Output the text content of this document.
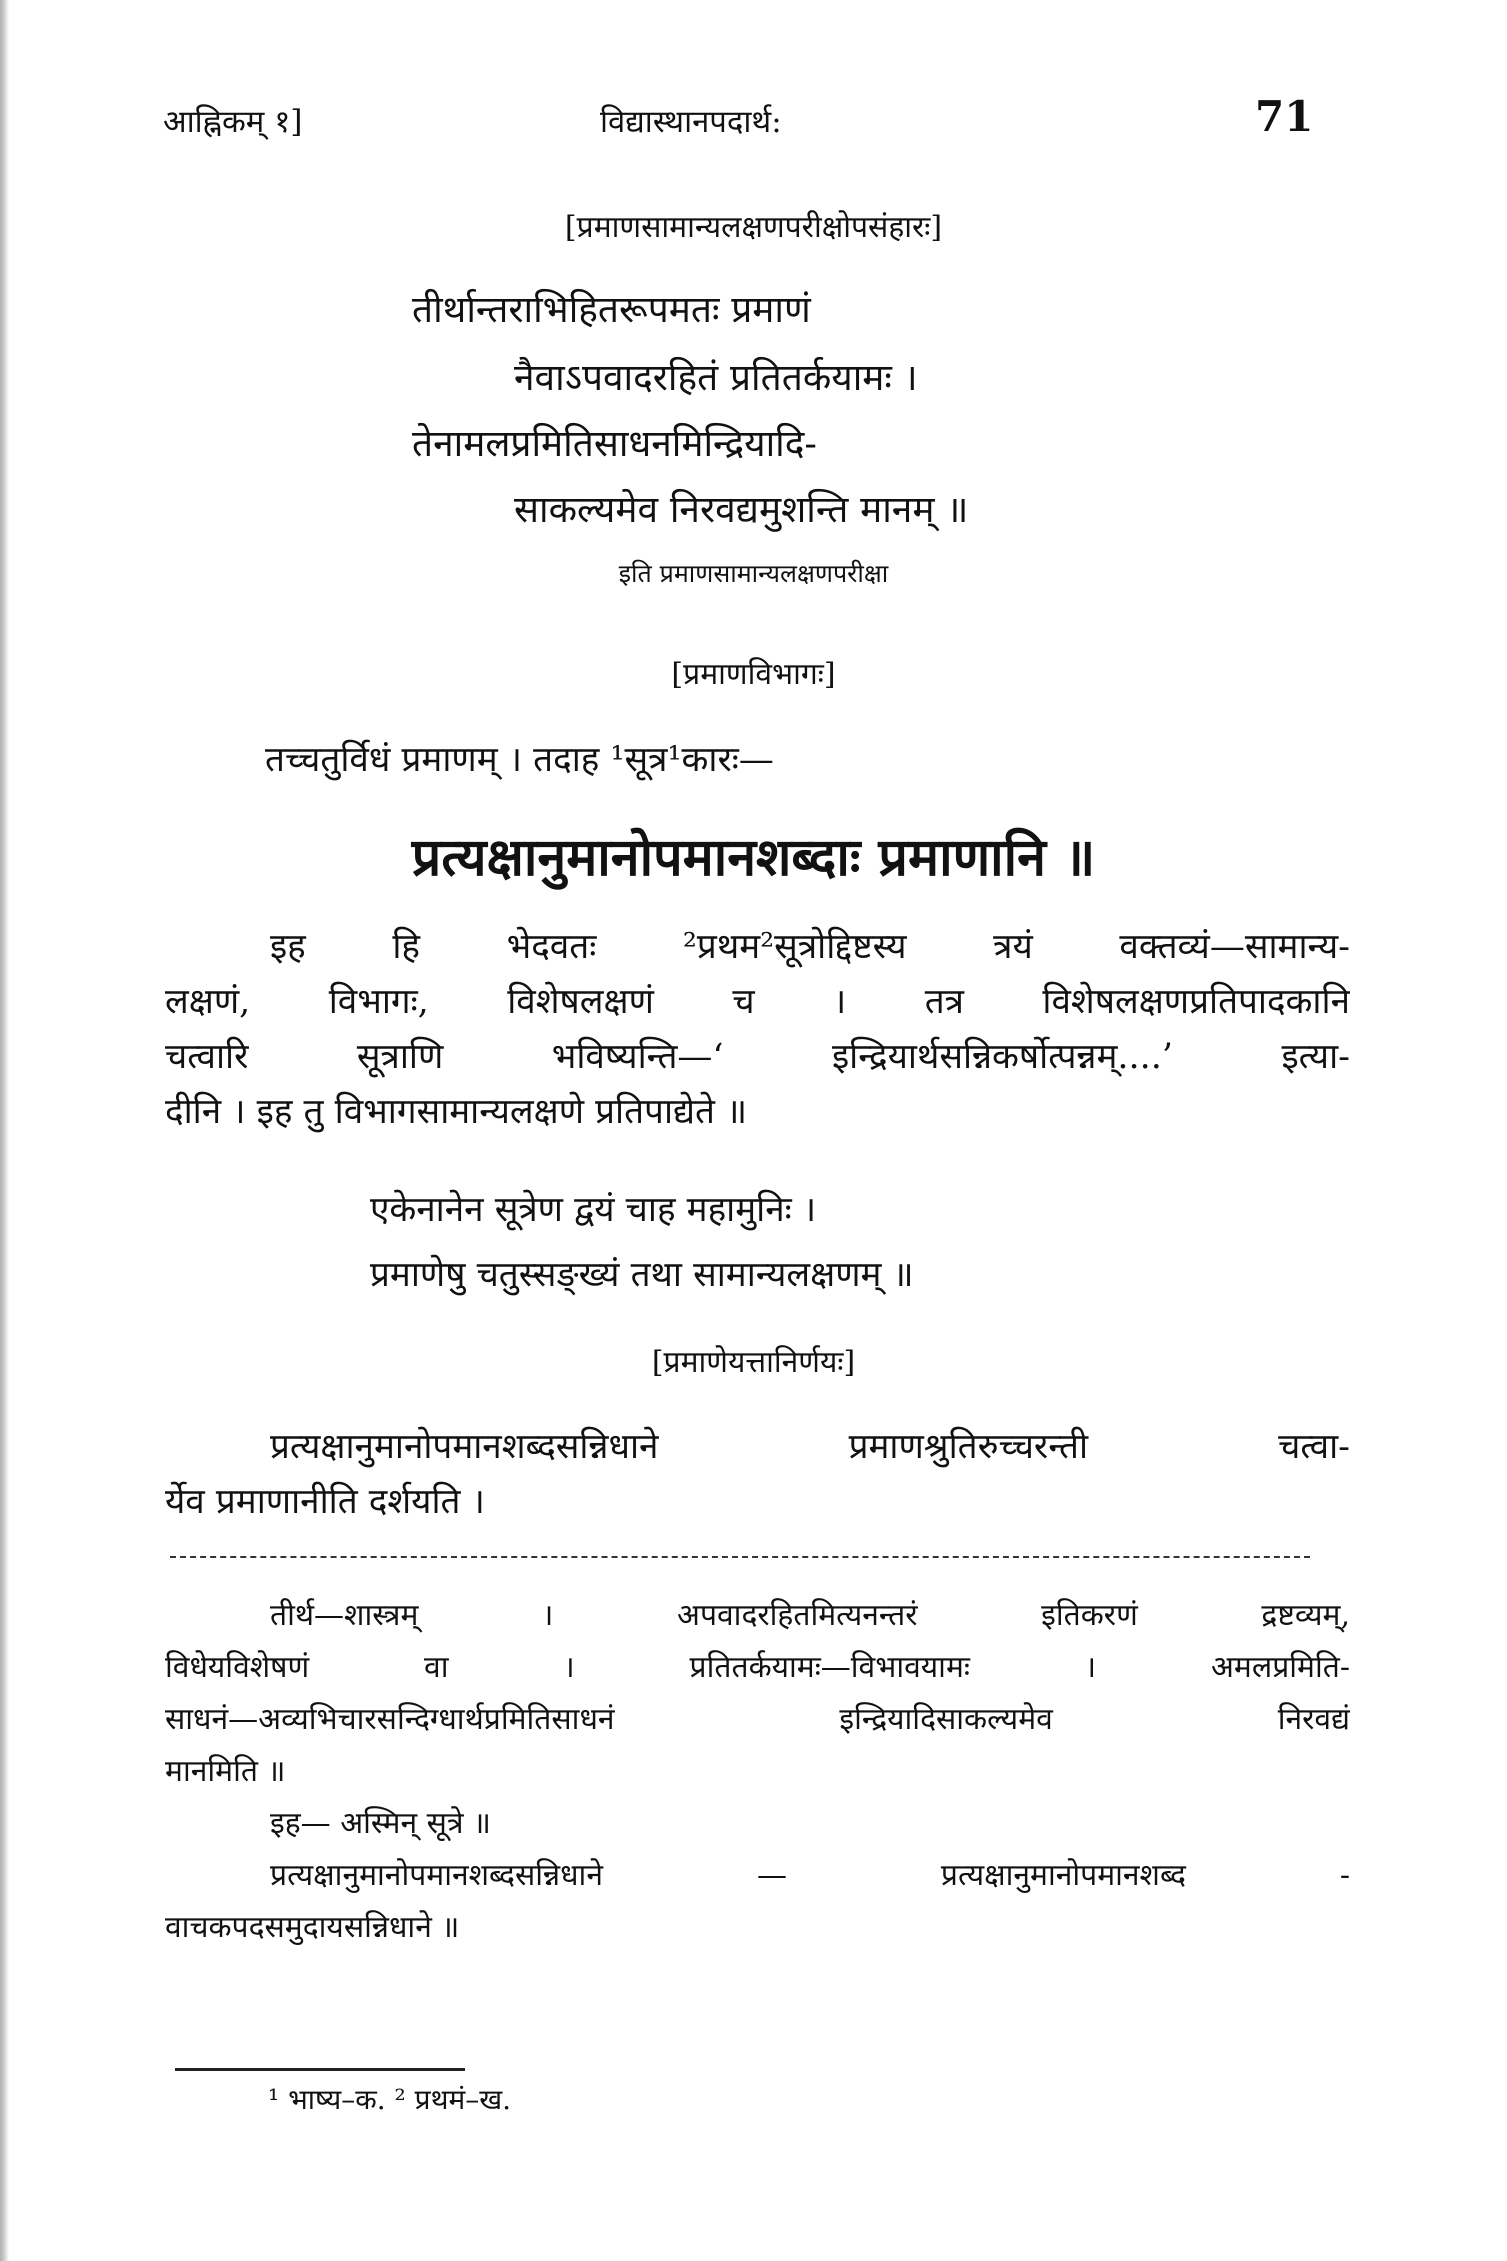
आह्निकम् १]	विद्यास्थानपदार्थ:	71
[प्रमाणसामान्यलक्षणपरीक्षोपसंहारः]
तीर्थान्तराभिहितरूपमतः प्रमाणं
नैवाऽपवादरहितं प्रतितर्कयामः ।
तेनामलप्रमितिसाधनमिन्द्रियादि-
साकल्यमेव निरवद्यमुशन्ति मानम् ॥
इति प्रमाणसामान्यलक्षणपरीक्षा
[प्रमाणविभागः]
तच्चतुर्विधं प्रमाणम् । तदाह ¹सूत्र¹कारः—
प्रत्यक्षानुमानोपमानशब्दाः प्रमाणानि ॥
इह हि भेदवतः ²प्रथम²सूत्रोद्दिष्टस्य त्रयं वक्तव्यं—सामान्य-
लक्षणं, विभागः, विशेषलक्षणं च । तत्र विशेषलक्षणप्रतिपादकानि
चत्वारि सूत्राणि भविष्यन्ति—‘ इन्द्रियार्थसन्निकर्षोत्पन्नम्....’ इत्या-
दीनि । इह तु विभागसामान्यलक्षणे प्रतिपाद्येते ॥
एकेनानेन सूत्रेण द्वयं चाह महामुनिः ।
प्रमाणेषु चतुस्सङ्ख्यं तथा सामान्यलक्षणम् ॥
[प्रमाणेयत्तानिर्णयः]
प्रत्यक्षानुमानोपमानशब्दसन्निधाने प्रमाणश्रुतिरुच्चरन्ती चत्वा-
र्येव प्रमाणानीति दर्शयति ।
तीर्थ—शास्त्रम् । अपवादरहितमित्यनन्तरं इतिकरणं द्रष्टव्यम्,
विधेयविशेषणं वा । प्रतितर्कयामः—विभावयामः । अमलप्रमिति-
साधनं—अव्यभिचारसन्दिग्धार्थप्रमितिसाधनं इन्द्रियादिसाकल्यमेव निरवद्यं
मानमिति ॥
इह— अस्मिन् सूत्रे ॥
प्रत्यक्षानुमानोपमानशब्दसन्निधाने — प्रत्यक्षानुमानोपमानशब्द -
वाचकपदसमुदायसन्निधाने ॥
¹ भाष्य–क. ² प्रथमं–ख.
